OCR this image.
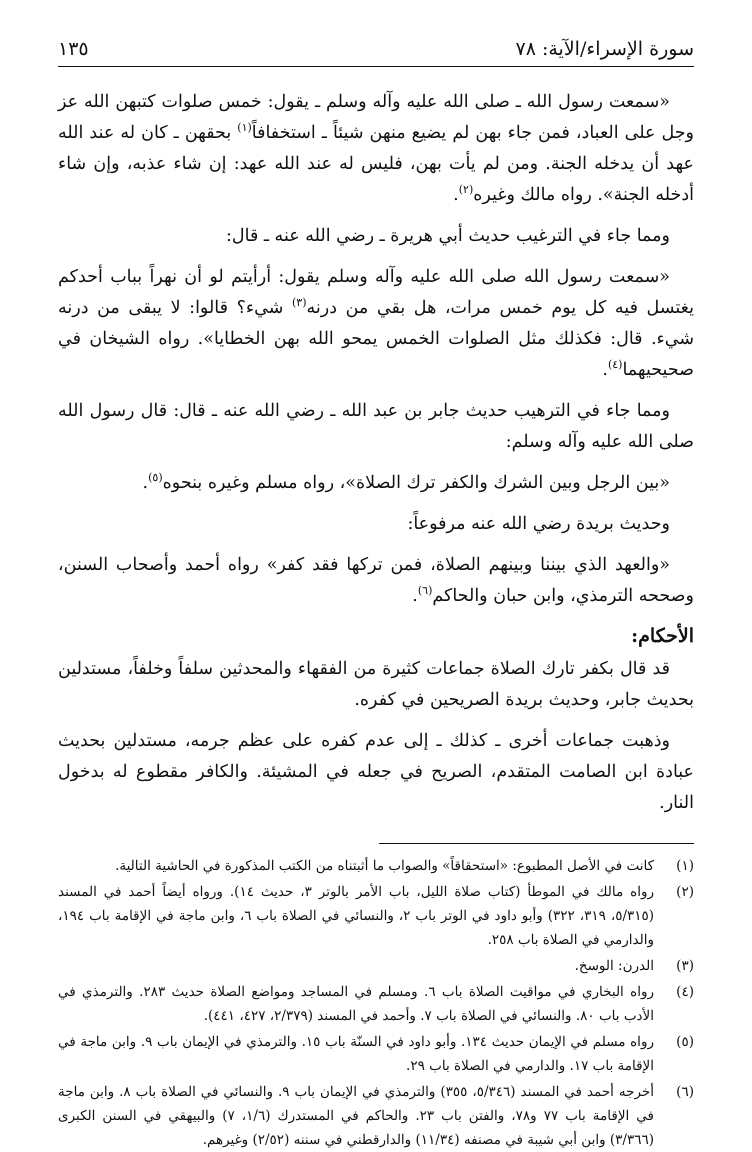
سورة الإسراء/الآية: ٧٨
١٣٥

«سمعت رسول الله ـ صلى الله عليه وآله وسلم ـ يقول: خمس صلوات كتبهن الله عز وجل على العباد، فمن جاء بهن لم يضيع منهن شيئاً ـ استخفافاً$^{(١)}$ بحقهن ـ كان له عند الله عهد أن يدخله الجنة. ومن لم يأت بهن، فليس له عند الله عهد: إن شاء عذبه، وإن شاء أدخله الجنة». رواه مالك وغيره$^{(٢)}$.

ومما جاء في الترغيب حديث أبي هريرة ـ رضي الله عنه ـ قال:

«سمعت رسول الله صلى الله عليه وآله وسلم يقول: أرأيتم لو أن نهراً بباب أحدكم يغتسل فيه كل يوم خمس مرات، هل بقي من درنه$^{(٣)}$ شيء؟ قالوا: لا يبقى من درنه شيء. قال: فكذلك مثل الصلوات الخمس يمحو الله بهن الخطايا». رواه الشيخان في صحيحيهما$^{(٤)}$.

ومما جاء في الترهيب حديث جابر بن عبد الله ـ رضي الله عنه ـ قال: قال رسول الله صلى الله عليه وآله وسلم:

«بين الرجل وبين الشرك والكفر ترك الصلاة»، رواه مسلم وغيره بنحوه$^{(٥)}$.

وحديث بريدة رضي الله عنه مرفوعاً:

«والعهد الذي بيننا وبينهم الصلاة، فمن تركها فقد كفر» رواه أحمد وأصحاب السنن، وصححه الترمذي، وابن حبان والحاكم$^{(٦)}$.

الأحكام:

قد قال بكفر تارك الصلاة جماعات كثيرة من الفقهاء والمحدثين سلفاً وخلفاً، مستدلين بحديث جابر، وحديث بريدة الصريحين في كفره.

وذهبت جماعات أخرى ـ كذلك ـ إلى عدم كفره على عظم جرمه، مستدلين بحديث عبادة ابن الصامت المتقدم، الصريح في جعله في المشيئة. والكافر مقطوع له بدخول النار.

(١)
كانت في الأصل المطبوع: «استحقاقاً» والصواب ما أثبتناه من الكتب المذكورة في الحاشية التالية.
(٢)
رواه مالك في الموطأ (كتاب صلاة الليل، باب الأمر بالوتر ٣، حديث ١٤). ورواه أيضاً أحمد في المسند (٥/٣١٥، ٣١٩، ٣٢٢) وأبو داود في الوتر باب ٢، والنسائي في الصلاة باب ٦، وابن ماجة في الإقامة باب ١٩٤، والدارمي في الصلاة باب ٢٥٨.
(٣)
الدرن: الوسخ.
(٤)
رواه البخاري في مواقيت الصلاة باب ٦. ومسلم في المساجد ومواضع الصلاة حديث ٢٨٣. والترمذي في الأدب باب ٨٠. والنسائي في الصلاة باب ٧. وأحمد في المسند (٢/٣٧٩، ٤٢٧، ٤٤١).
(٥)
رواه مسلم في الإيمان حديث ١٣٤. وأبو داود في السنّة باب ١٥. والترمذي في الإيمان باب ٩. وابن ماجة في الإقامة باب ١٧. والدارمي في الصلاة باب ٢٩.
(٦)
أخرجه أحمد في المسند (٥/٣٤٦، ٣٥٥) والترمذي في الإيمان باب ٩. والنسائي في الصلاة باب ٨. وابن ماجة في الإقامة باب ٧٧ و٧٨، والفتن باب ٢٣. والحاكم في المستدرك (١/٦، ٧) والبيهقي في السنن الكبرى (٣/٣٦٦) وابن أبي شيبة في مصنفه (١١/٣٤) والدارقطني في سننه (٢/٥٢) وغيرهم.
